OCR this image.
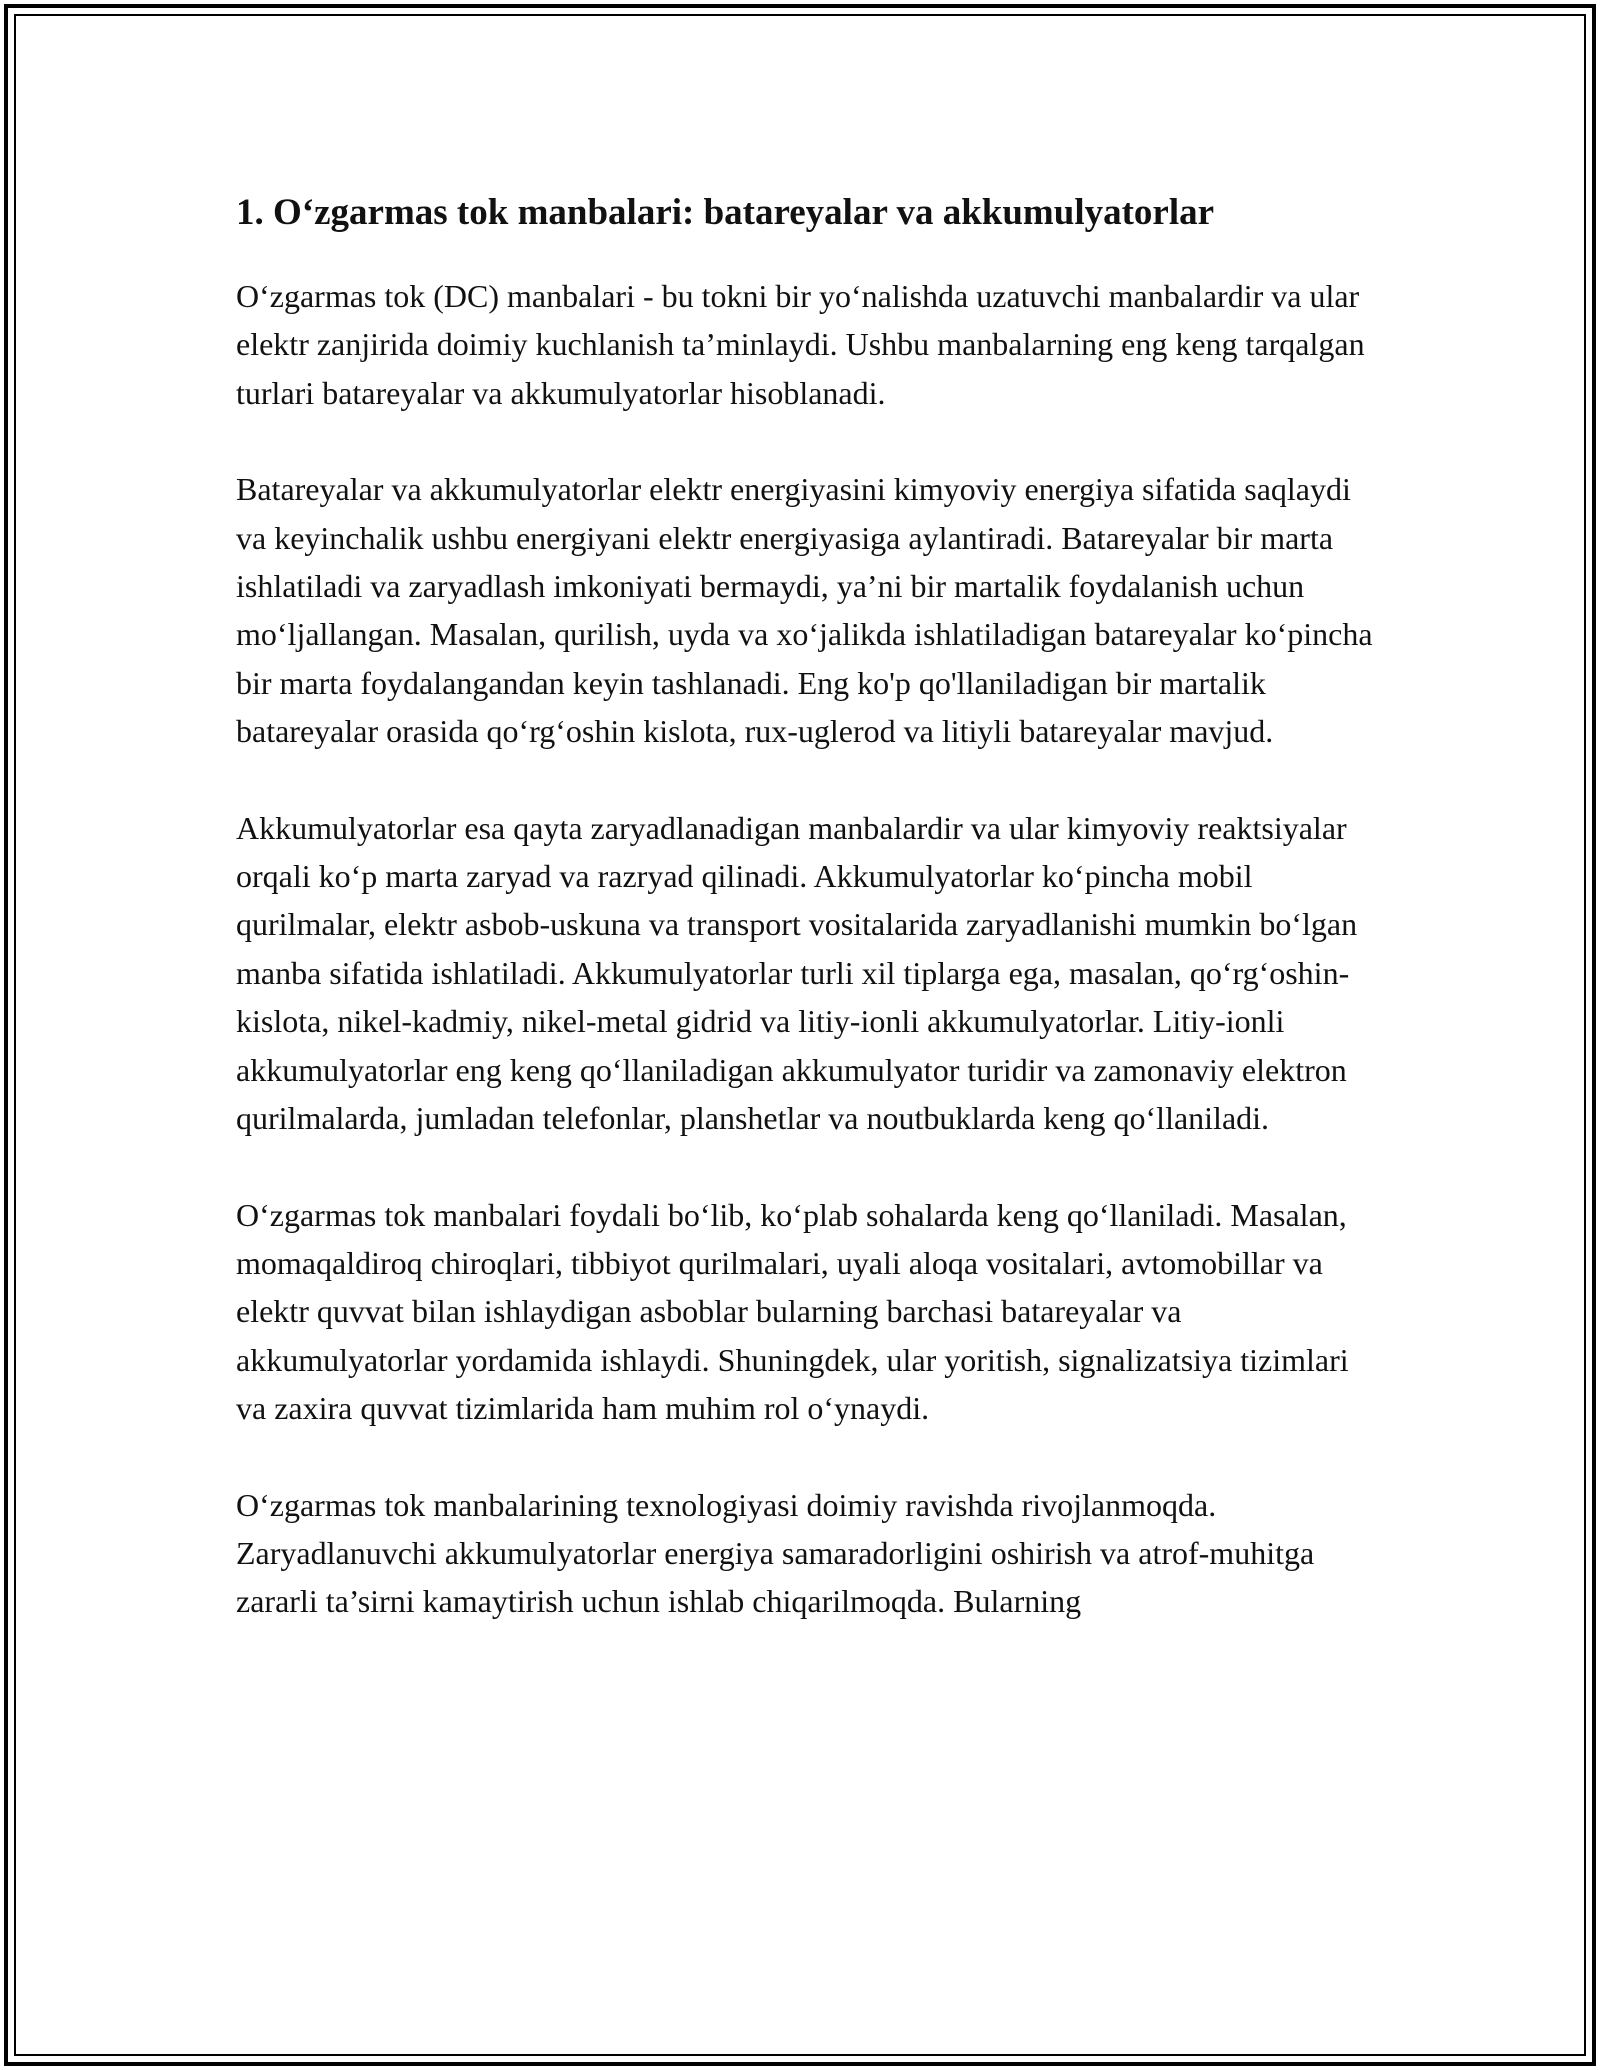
1. O‘zgarmas tok manbalari: batareyalar va akkumulyatorlar

O‘zgarmas tok (DC) manbalari - bu tokni bir yo‘nalishda uzatuvchi manbalardir va ular elektr zanjirida doimiy kuchlanish ta’minlaydi. Ushbu manbalarning eng keng tarqalgan turlari batareyalar va akkumulyatorlar hisoblanadi.

Batareyalar va akkumulyatorlar elektr energiyasini kimyoviy energiya sifatida saqlaydi va keyinchalik ushbu energiyani elektr energiyasiga aylantiradi. Batareyalar bir marta ishlatiladi va zaryadlash imkoniyati bermaydi, ya’ni bir martalik foydalanish uchun mo‘ljallangan. Masalan, qurilish, uyda va xo‘jalikda ishlatiladigan batareyalar ko‘pincha bir marta foydalangandan keyin tashlanadi. Eng ko'p qo'llaniladigan bir martalik batareyalar orasida qo‘rg‘oshin kislota, rux-uglerod va litiyli batareyalar mavjud.

Akkumulyatorlar esa qayta zaryadlanadigan manbalardir va ular kimyoviy reaktsiyalar orqali ko‘p marta zaryad va razryad qilinadi. Akkumulyatorlar ko‘pincha mobil qurilmalar, elektr asbob-uskuna va transport vositalarida zaryadlanishi mumkin bo‘lgan manba sifatida ishlatiladi. Akkumulyatorlar turli xil tiplarga ega, masalan, qo‘rg‘oshin-kislota, nikel-kadmiy, nikel-metal gidrid va litiy-ionli akkumulyatorlar. Litiy-ionli akkumulyatorlar eng keng qo‘llaniladigan akkumulyator turidir va zamonaviy elektron qurilmalarda, jumladan telefonlar, planshetlar va noutbuklarda keng qo‘llaniladi.

O‘zgarmas tok manbalari foydali bo‘lib, ko‘plab sohalarda keng qo‘llaniladi. Masalan, momaqaldiroq chiroqlari, tibbiyot qurilmalari, uyali aloqa vositalari, avtomobillar va elektr quvvat bilan ishlaydigan asboblar bularning barchasi batareyalar va akkumulyatorlar yordamida ishlaydi. Shuningdek, ular yoritish, signalizatsiya tizimlari va zaxira quvvat tizimlarida ham muhim rol o‘ynaydi.

O‘zgarmas tok manbalarining texnologiyasi doimiy ravishda rivojlanmoqda. Zaryadlanuvchi akkumulyatorlar energiya samaradorligini oshirish va atrof-muhitga zararli ta’sirni kamaytirish uchun ishlab chiqarilmoqda. Bularning
